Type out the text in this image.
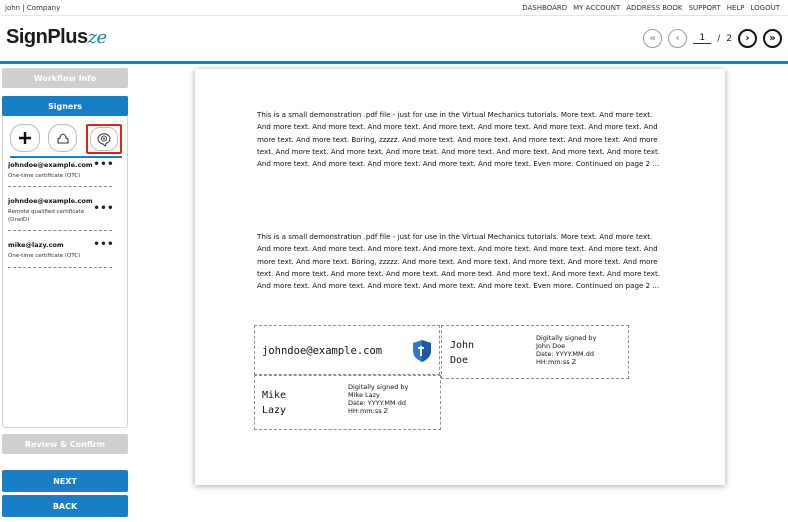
john | Company	DASHBOARD MY ACCOUNT ADDRESS BOOK SUPPORT HELP LOGOUT
SignPlusze	« ‹
1	/ 2 › »
Workflow Info
Signers
johndoe@example.com
One-time certificate (OTC)
•••
johndoe@example.com
Remote qualified certificate (OneID)
•••
mike@lazy.com
One-time certificate (OTC)
•••
Review & Confirm
NEXT
BACK
This is a small demonstration .pdf file - just for use in the Virtual Mechanics tutorials. More text. And more text. And more text. And more text. And more text. And more text. And more text. And more text. And more text. And more text. And more text. Boring, zzzzz. And more text. And more text. And more text. And more text. And more text. And more text. And more text. And more text. And more text. And more text. And more text. And more text. And more text. And more text. And more text. And more text. And more text. Even more. Continued on page 2 ...
This is a small demonstration .pdf file - just for use in the Virtual Mechanics tutorials. More text. And more text. And more text. And more text. And more text. And more text. And more text. And more text. And more text. And more text. And more text. Boring, zzzzz. And more text. And more text. And more text. And more text. And more text. And more text. And more text. And more text. And more text. And more text. And more text. And more text. And more text. And more text. And more text. And more text. And more text. Even more. Continued on page 2 ...
johndoe@example.com	John
Doe
Digitally signed by
John Doe
Date: YYYY.MM.dd
HH:mm:ss Z
Mike
Lazy
Digitally signed by
Mike Lazy
Date: YYYY.MM.dd
HH:mm:ss Z
